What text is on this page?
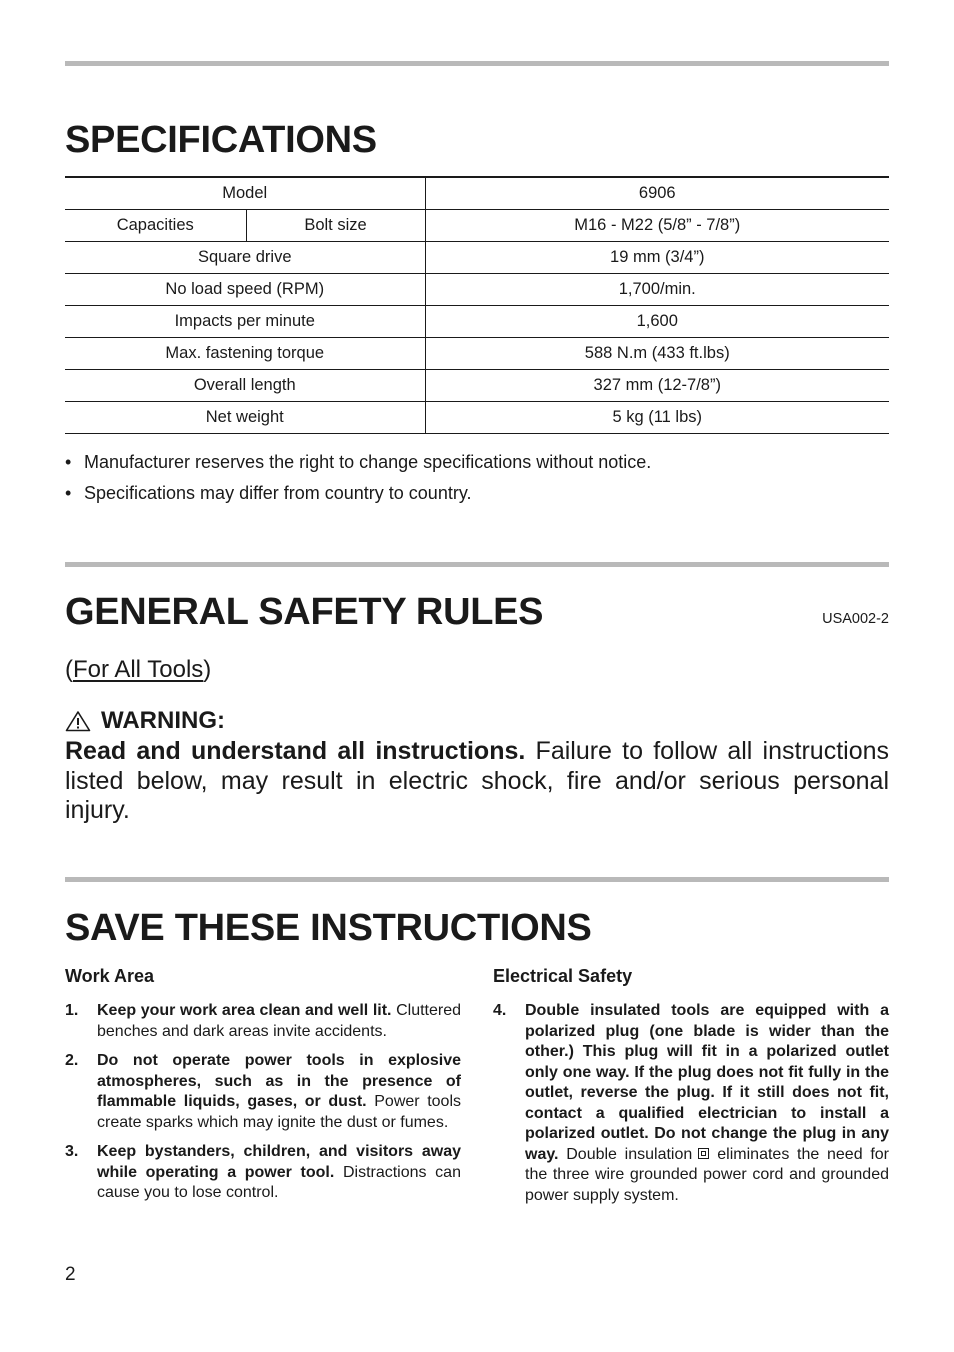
SPECIFICATIONS
Model		6906
Capacities	Bolt size	M16 - M22 (5/8” - 7/8”)
Square drive		19 mm (3/4”)
No load speed (RPM)		1,700/min.
Impacts per minute		1,600
Max. fastening torque		588 N.m (433 ft.lbs)
Overall length		327 mm (12-7/8”)
Net weight		5 kg (11 lbs)
• Manufacturer reserves the right to change specifications without notice.
• Specifications may differ from country to country.
GENERAL SAFETY RULES	USA002-2
(For All Tools)
WARNING:

Read and understand all instructions. Failure to follow all instructions listed below, may result in electric shock, fire and/or serious personal injury.

SAVE THESE INSTRUCTIONS
Work Area
1.	Keep your work area clean and well lit. Cluttered benches and dark areas invite accidents.
2.	Do not operate power tools in explosive atmospheres, such as in the presence of flammable liquids, gases, or dust. Power tools create sparks which may ignite the dust or fumes.
3.	Keep bystanders, children, and visitors away while operating a power tool. Distractions can cause you to lose control.
Electrical Safety
4.	Double insulated tools are equipped with a polarized plug (one blade is wider than the other.) This plug will fit in a polarized outlet only one way. If the plug does not fit fully in the outlet, reverse the plug. If it still does not fit, contact a qualified electrician to install a polarized outlet. Do not change the plug in any way. Double insulation eliminates the need for the three wire grounded power cord and grounded power supply system.
2
